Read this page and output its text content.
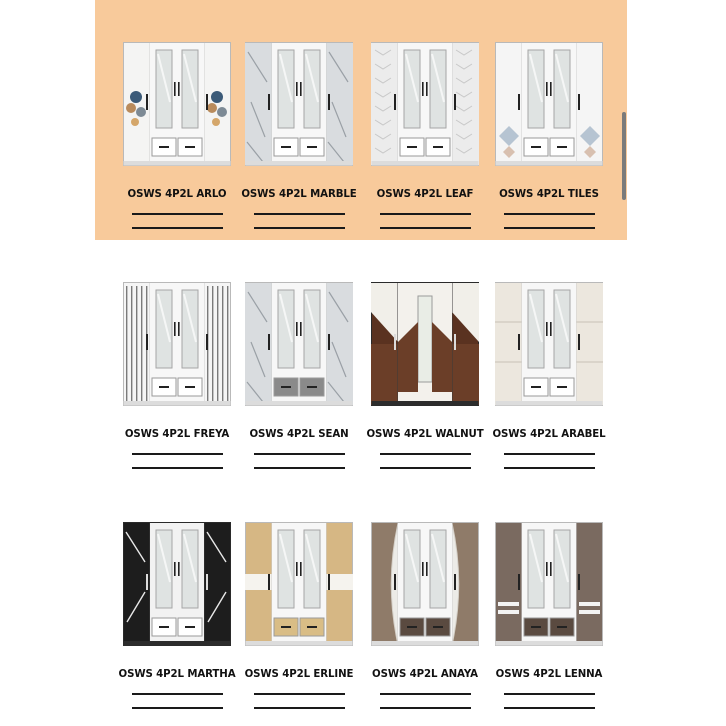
OSWS 4P2L ARLO	OSWS 4P2L MARBLE	OSWS 4P2L LEAF	OSWS 4P2L TILES
OSWS 4P2L FREYA	OSWS 4P2L SEAN	OSWS 4P2L WALNUT OSWS 4P2L ARABEL
OSWS 4P2L MARTHA OSWS 4P2L ERLINE	OSWS 4P2L ANAYA	OSWS 4P2L LENNA
